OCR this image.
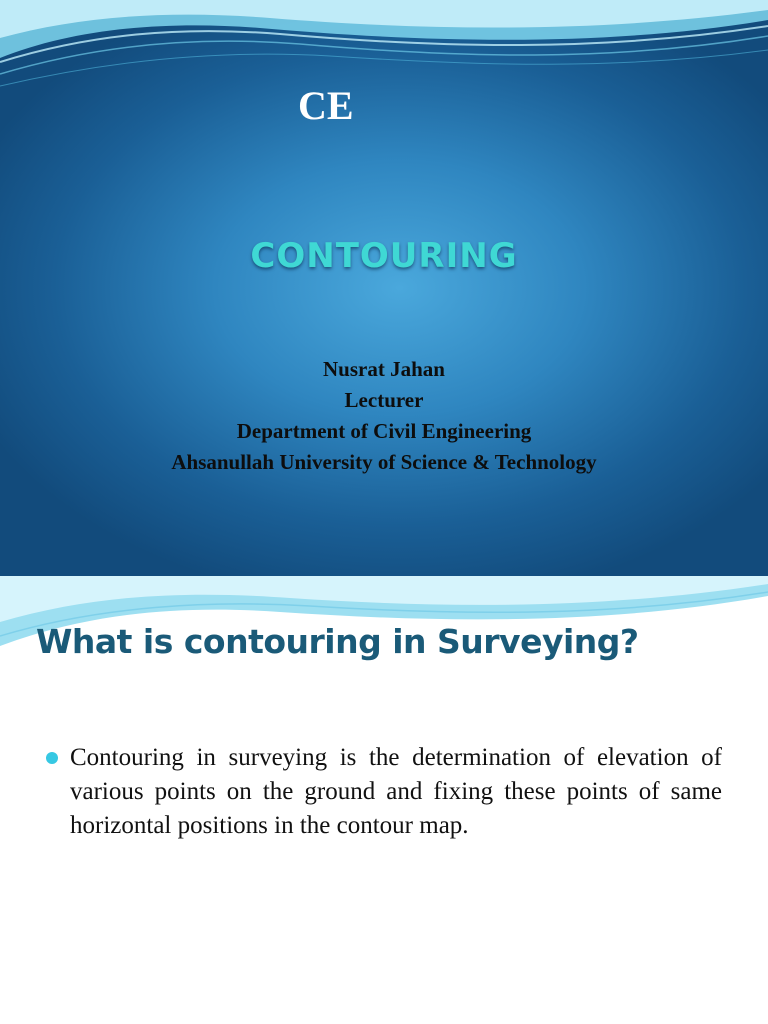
CE
CONTOURING
Nusrat Jahan
Lecturer
Department of Civil Engineering
Ahsanullah University of Science & Technology
What is contouring in Surveying?
Contouring in surveying is the determination of elevation of various points on the ground and fixing these points of same horizontal positions in the contour map.
